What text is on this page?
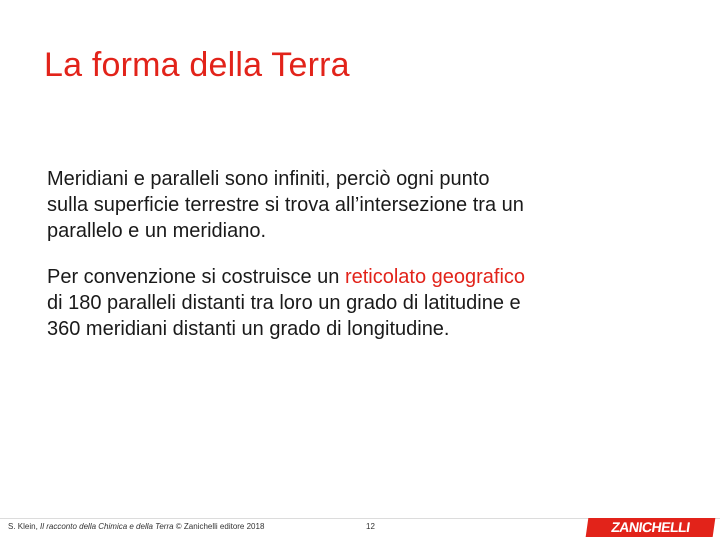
La forma della Terra

Meridiani e paralleli sono infiniti, perciò ogni punto
sulla superficie terrestre si trova all’intersezione tra un
parallelo e un meridiano.

Per convenzione si costruisce un reticolato geografico
di 180 paralleli distanti tra loro un grado di latitudine e
360 meridiani distanti un grado di longitudine.

S. Klein, Il racconto della Chimica e della Terra © Zanichelli editore 2018	12	ZANICHELLI
